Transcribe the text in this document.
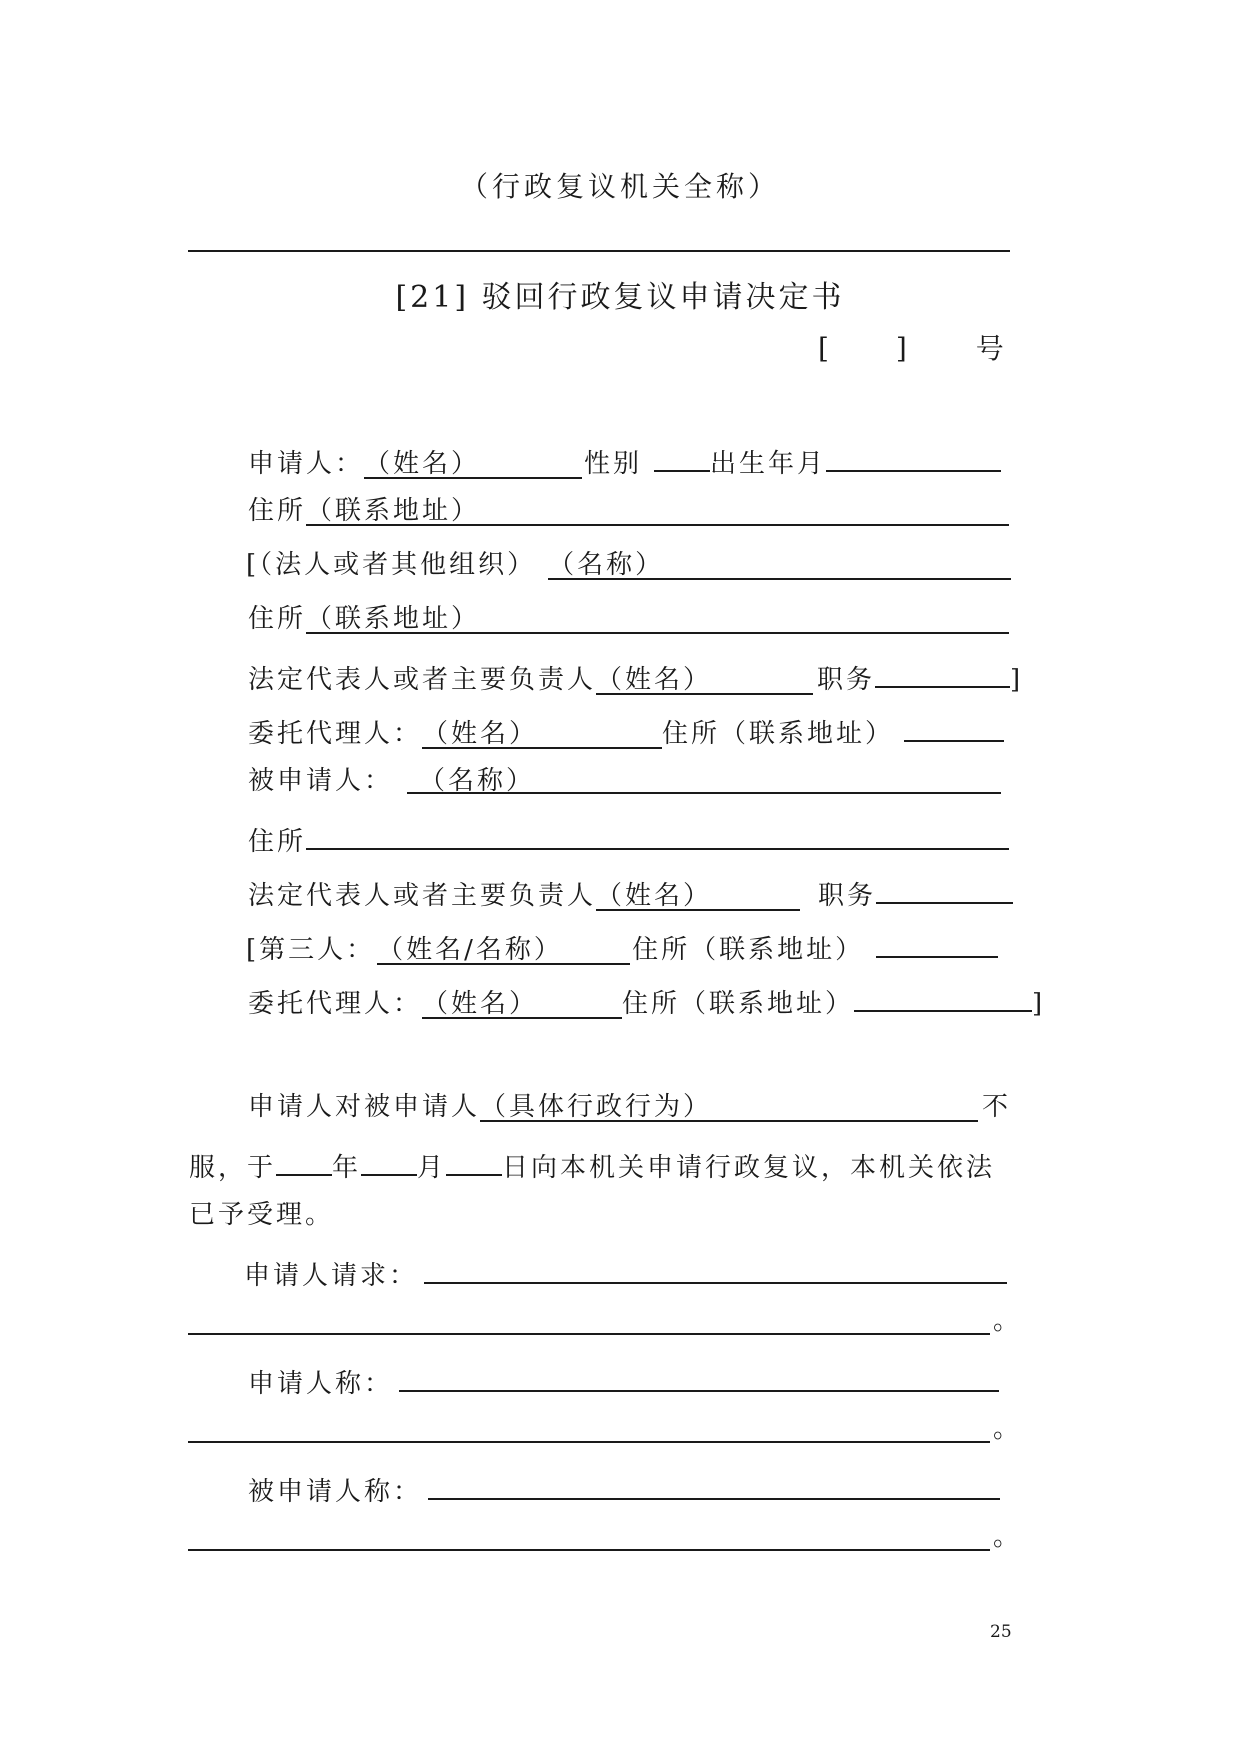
（行政复议机关全称）
[21] 驳回行政复议申请决定书
[ ] 号
申请人：（姓名）	性别	出生年月
住所（联系地址）
[（法人或者其他组织） （名称）
住所（联系地址）
法定代表人或者主要负责人（姓名）	职务	]
委托代理人：（姓名）	住所（联系地址）
被申请人： （名称）
住所
法定代表人或者主要负责人（姓名）	职务
[第三人：（姓名/名称）	住所（联系地址）
委托代理人：（姓名）	住所（联系地址）	]
申请人对被申请人（具体行政行为）	不
服，于 年 月 日向本机关申请行政复议，本机关依法
已予受理。
申请人请求：
。
申请人称：
。
被申请人称：
。
25
